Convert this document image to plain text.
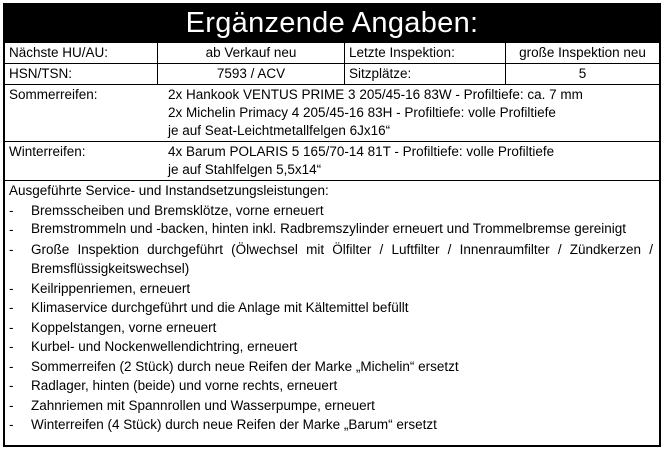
Ergänzende Angaben:
Nächste HU/AU:	ab Verkauf neu	Letzte Inspektion:	große Inspektion neu
HSN/TSN:	7593 / ACV	Sitzplätze:	5
Sommerreifen:	2x Hankook VENTUS PRIME 3 205/45-16 83W - Profiltiefe: ca. 7 mm
2x Michelin Primacy 4 205/45-16 83H - Profiltiefe: volle Profiltiefe
je auf Seat-Leichtmetallfelgen 6Jx16“
Winterreifen:	4x Barum POLARIS 5 165/70-14 81T - Profiltiefe: volle Profiltiefe
je auf Stahlfelgen 5,5x14“
Ausgeführte Service- und Instandsetzungsleistungen:
-	Bremsscheiben und Bremsklötze, vorne erneuert
-	Bremstrommeln und -backen, hinten inkl. Radbremszylinder erneuert und Trommelbremse gereinigt
-	Große Inspektion durchgeführt (Ölwechsel mit Ölfilter / Luftfilter / Innenraumfilter / Zündkerzen / Bremsflüssigkeitswechsel)
-	Keilrippenriemen, erneuert
-	Klimaservice durchgeführt und die Anlage mit Kältemittel befüllt
-	Koppelstangen, vorne erneuert
-	Kurbel- und Nockenwellendichtring, erneuert
-	Sommerreifen (2 Stück) durch neue Reifen der Marke „Michelin“ ersetzt
-	Radlager, hinten (beide) und vorne rechts, erneuert
-	Zahnriemen mit Spannrollen und Wasserpumpe, erneuert
-	Winterreifen (4 Stück) durch neue Reifen der Marke „Barum“ ersetzt
